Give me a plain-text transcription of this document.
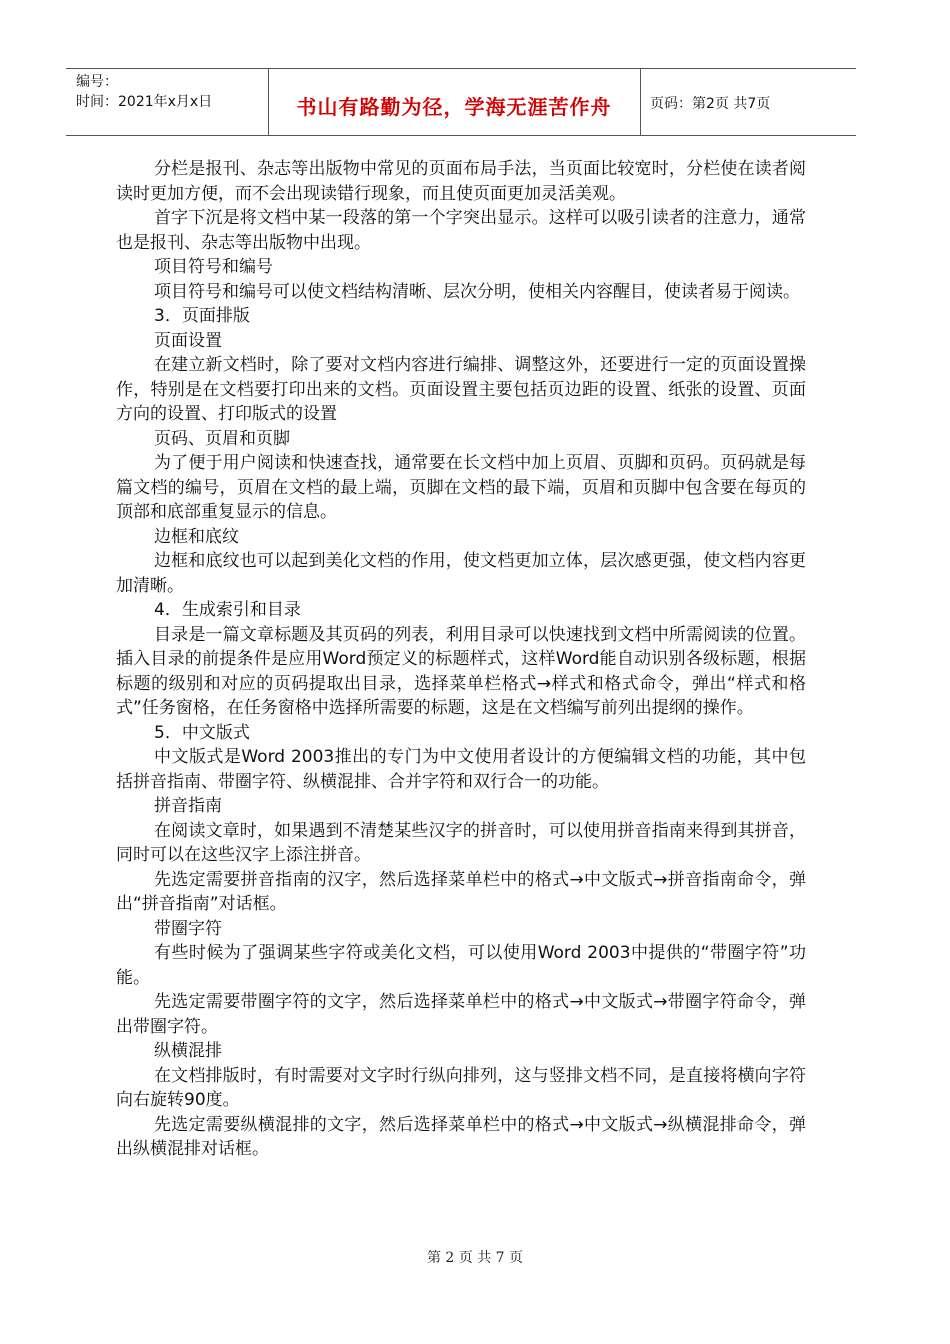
编号：
时间：2021年x月x日	书山有路勤为径，学海无涯苦作舟	页码：第2页 共7页

分栏是报刊、杂志等出版物中常见的页面布局手法，当页面比较宽时，分栏使在读者阅读时更加方便，而不会出现读错行现象，而且使页面更加灵活美观。

首字下沉是将文档中某一段落的第一个字突出显示。这样可以吸引读者的注意力，通常也是报刊、杂志等出版物中出现。

项目符号和编号

项目符号和编号可以使文档结构清晰、层次分明，使相关内容醒目，使读者易于阅读。

3．页面排版

页面设置

在建立新文档时，除了要对文档内容进行编排、调整这外，还要进行一定的页面设置操作，特别是在文档要打印出来的文档。页面设置主要包括页边距的设置、纸张的设置、页面方向的设置、打印版式的设置

页码、页眉和页脚

为了便于用户阅读和快速查找，通常要在长文档中加上页眉、页脚和页码。页码就是每篇文档的编号，页眉在文档的最上端，页脚在文档的最下端，页眉和页脚中包含要在每页的顶部和底部重复显示的信息。

边框和底纹

边框和底纹也可以起到美化文档的作用，使文档更加立体，层次感更强，使文档内容更加清晰。

4．生成索引和目录

目录是一篇文章标题及其页码的列表，利用目录可以快速找到文档中所需阅读的位置。插入目录的前提条件是应用Word预定义的标题样式，这样Word能自动识别各级标题，根据标题的级别和对应的页码提取出目录，选择菜单栏格式→样式和格式命令，弹出“样式和格式”任务窗格，在任务窗格中选择所需要的标题，这是在文档编写前列出提纲的操作。

5．中文版式

中文版式是Word 2003推出的专门为中文使用者设计的方便编辑文档的功能，其中包括拼音指南、带圈字符、纵横混排、合并字符和双行合一的功能。

拼音指南

在阅读文章时，如果遇到不清楚某些汉字的拼音时，可以使用拼音指南来得到其拼音，同时可以在这些汉字上添注拼音。

先选定需要拼音指南的汉字，然后选择菜单栏中的格式→中文版式→拼音指南命令，弹出“拼音指南”对话框。

带圈字符

有些时候为了强调某些字符或美化文档，可以使用Word 2003中提供的“带圈字符”功能。

先选定需要带圈字符的文字，然后选择菜单栏中的格式→中文版式→带圈字符命令，弹出带圈字符。

纵横混排

在文档排版时，有时需要对文字时行纵向排列，这与竖排文档不同，是直接将横向字符向右旋转90度。

先选定需要纵横混排的文字，然后选择菜单栏中的格式→中文版式→纵横混排命令，弹出纵横混排对话框。

第 2 页 共 7 页
